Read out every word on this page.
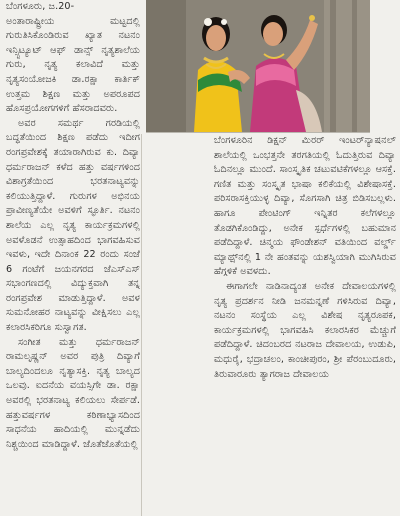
ಬೆಂಗಳೂರು, ಜ.20-

ಅಂತಾರಾಷ್ಟ್ರೀಯ ಮಟ್ಟದಲ್ಲಿ ಗುರುತಿಸಿಕೊಂಡಿರುವ ಖ್ಯಾತ ನಟನಂ ಇನ್ಸ್ಟಿಟ್ಯೂಟ್ ಆಫ್ ಡಾನ್ಸ್ ನೃತ್ಯಶಾಲೆಯ ಗುರು, ನೃತ್ಯ ಕಲಾವಿದೆ ಮತ್ತು ನೃತ್ಯಸಂಯೋಜಕಿ ಡಾ.ರಕ್ಷಾ ಕಾರ್ತಿಕ್ ಉತ್ತಮ ಶಿಕ್ಷಣ ಮತ್ತು ಅಪರೂಪದ ಹೊಸಪ್ರಯೋಗಗಳಿಗೆ ಹೆಸರಾದವರು.

ಅವರ ಸಮರ್ಥ ಗರಡಿಯಲ್ಲಿ ಬದ್ಧತೆಯಿಂದ ಶಿಕ್ಷಣ ಪಡೆದು ಇದೀಗ ರಂಗಪ್ರವೇಶಕ್ಕೆ ತಯಾರಾಗಿರುವ ಕು. ದಿವ್ಯಾ ಧರ್ಮರಾಜನ್ ಕಳೆದ ಹತ್ತು ವರ್ಷಗಳಿಂದ ವಿಶಾಗ್ರತೆಯಿಂದ ಭರತನಾಟ್ಯವನ್ನು ಕಲಿಯುತ್ತಿದ್ದಾಳೆ. ಗುರುಗಳ ಅಭಿನಯ ಪ್ರಾವೀಣ್ಯತೆಯೇ ಅವಳಿಗೆ ಸ್ಫೂರ್ತಿ. ನಟನಂ ಶಾಲೆಯ ಎಲ್ಲ ನೃತ್ಯ ಕಾರ್ಯಕ್ರಮಗಳಲ್ಲಿ ಅವಳೊಡನೆ ಉತ್ಸಾಹದಿಂದ ಭಾಗವಹಿಸುವ ಇವಳು, ಇದೇ ದಿನಾಂಕ 22 ರಂದು ಸಂಜೆ 6 ಗಂಟೆಗೆ ಜಯನಗರದ ಜೆಎಸ್ಎಸ್ ಸಭಾಂಗಣದಲ್ಲಿ ವಿದ್ಯುಕ್ತವಾಗಿ ತನ್ನ ರಂಗಪ್ರವೇಶ ಮಾಡುತ್ತಿದ್ದಾಳೆ. ಅವಳ ಸುಮನೋಹರ ನಾಟ್ಯವನ್ನು ವೀಕ್ಷಿಸಲು ಎಲ್ಲ ಕಲಾರಸಿಕರಿಗೂ ಸುಸ್ವಾಗತ.

ಸಂಗೀತ ಮತ್ತು ಧರ್ಮರಾಜನ್ ರಾಮಲೃಷ್ಣನ್ ಅವರ ಪುತ್ರಿ ದಿವ್ಯಾಗೆ ಬಾಲ್ಯದಿಂದಲೂ ನೃತ್ಯಾಸಕ್ತಿ. ನೃತ್ಯ ಬಾಲ್ಯದ ಒಲವು. ಐದನೆಯ ವಯಸ್ಸಿಗೇ ಡಾ. ರಕ್ಷಾ ಅವರಲ್ಲಿ ಭರತನಾಟ್ಯ ಕಲಿಯಲು ಸೇರ್ಪಡೆ. ಹತ್ತುವರ್ಷಗಳ ಕಠಿಣಾಭ್ಯಾಸದಿಂದ ಸಾಧನೆಯ ಹಾದಿಯಲ್ಲಿ ಮುನ್ನಡೆದು ನಿಶ್ಚಯಿಂದ ಮಾಡಿದ್ದಾಳೆ. ಜೊತೆಜೊತೆಯಲ್ಲಿ

ಬೆಂಗಳೂರಿನ ಡಿಕ್ಷನ್ ಮಿರರ್ ಇಂಟರ್‌ನ್ಯಾಷನಲ್ ಶಾಲೆಯಲ್ಲಿ ಒಂಭತ್ತನೇ ತರಗತಿಯಲ್ಲಿ ಓದುತ್ತಿರುವ ದಿವ್ಯಾ ಓದಿನಲ್ಲೂ ಮುಂದೆ. ಸಾಂಸ್ಕೃತಿಕ ಚಟುವಟಿಕೆಗಳಲ್ಲೂ ಆಸಕ್ತೆ. ಗಣಿತ ಮತ್ತು ಸಂಸ್ಕೃತ ಭಾಷಾ ಕಲಿಕೆಯಲ್ಲಿ ವಿಶೇಷಾಸಕ್ತೆ. ಪರಿಸರಾಸಕ್ತಿಯುಳ್ಳ ದಿವ್ಯಾ, ಸೊಗಸಾಗಿ ಚಿತ್ರ ಬಿಡಿಸಬಲ್ಲಳು. ಹಾಗೂ ಪೇಂಟಿಂಗ್ ಇನ್ನಿತರ ಕಲೆಗಳಲ್ಲೂ ತೊಡಗಿಕೊಂಡಿದ್ದು, ಅನೇಕ ಸ್ಪರ್ಧೆಗಳಲ್ಲಿ ಬಹುಮಾನ ಪಡೆದಿದ್ದಾಳೆ. ಚಿನ್ಮಯ ಫೌಂಡೇಶನ್ ವತಿಯಿಂದ ವರ್ಲ್ಡ್ ಮ್ಯಾಥ್ಸ್‌ನಲ್ಲಿ 1 ನೇ ಹಂತವನ್ನು ಯಶಸ್ವಿಯಾಗಿ ಮುಗಿಸಿರುವ ಹೆಗ್ಗಳಿಕೆ ಅವಳದು.

ಈಗಾಗಲೇ ನಾಡಿನಾದ್ಯಂತ ಅನೇಕ ದೇವಾಲಯಗಳಲ್ಲಿ ನೃತ್ಯ ಪ್ರದರ್ಶನ ನೀಡಿ ಜನಮನ್ನಣೆ ಗಳಿಸಿರುವ ದಿವ್ಯಾ, ನಟನಂ ಸಂಸ್ಥೆಯ ಎಲ್ಲ ವಿಶೇಷ ನೃತ್ಯರೂಪಕ, ಕಾರ್ಯಕ್ರಮಗಳಲ್ಲಿ ಭಾಗವಹಿಸಿ ಕಲಾರಸಿಕರ ಮೆಚ್ಚುಗೆ ಪಡೆದಿದ್ದಾಳೆ. ಚಿದಂಬರದ ನಟರಾಜ ದೇವಾಲಯ, ಉಡುಪಿ, ಮಧುರೈ, ಭದ್ರಾಚಲಂ, ಕಾಂಚೀಪುರಂ, ಶ್ರೀ ಪೆರಂಬುದೂರು, ತಿರುವಾರೂರು ತ್ಯಾಗರಾಜ ದೇವಾಲಯ
